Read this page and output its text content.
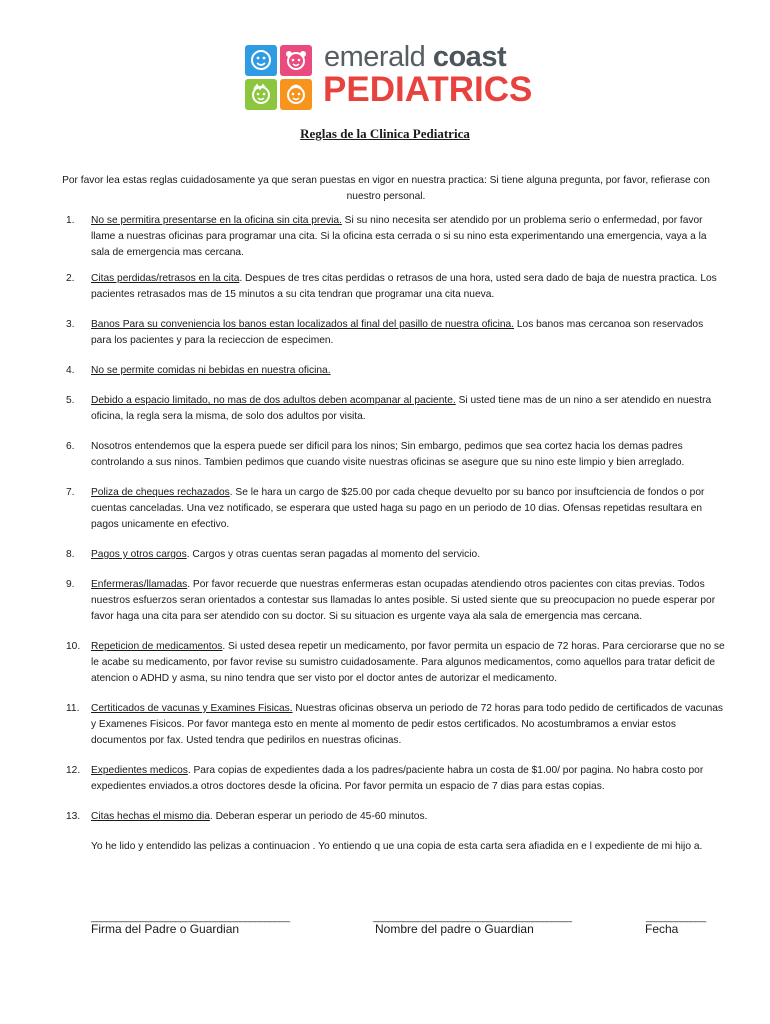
emerald coast
PEDIATRICS
Reglas de la Clinica Pediatrica
Por favor lea estas reglas cuidadosamente ya que seran puestas en vigor en nuestra practica: Si tiene alguna pregunta, por favor, refierase con nuestro personal.
1. No se permitira presentarse en la oficina sin cita previa. Si su nino necesita ser atendido por un problema serio o enfermedad, por favor llame a nuestras oficinas para programar una cita. Si la oficina esta cerrada o si su nino esta experimentando una emergencia, vaya a la sala de emergencia mas cercana.
2. Citas perdidas/retrasos en la cita. Despues de tres citas perdidas o retrasos de una hora, usted sera dado de baja de nuestra practica. Los pacientes retrasados mas de 15 minutos a su cita tendran que programar una cita nueva.
3. Banos Para su conveniencia los banos estan localizados al final del pasillo de nuestra oficina. Los banos mas cercanoa son reservados para los pacientes y para la recieccion de especimen.
4. No se permite comidas ni bebidas en nuestra oficina.
5. Debido a espacio limitado, no mas de dos adultos deben acompanar al paciente. Si usted tiene mas de un nino a ser atendido en nuestra oficina, la regla sera la misma, de solo dos adultos por visita.
6. Nosotros entendemos que la espera puede ser dificil para los ninos; Sin embargo, pedimos que sea cortez hacia los demas padres controlando a sus ninos. Tambien pedimos que cuando visite nuestras oficinas se asegure que su nino este limpio y bien arreglado.
7. Poliza de cheques rechazados. Se le hara un cargo de $25.00 por cada cheque devuelto por su banco por insuftciencia de fondos o por cuentas canceladas. Una vez notificado, se esperara que usted haga su pago en un periodo de 10 dias. Ofensas repetidas resultara en pagos unicamente en efectivo.
8. Pagos y otros cargos. Cargos y otras cuentas seran pagadas al momento del servicio.
9. Enfermeras/llamadas. Por favor recuerde que nuestras enfermeras estan ocupadas atendiendo otros pacientes con citas previas. Todos nuestros esfuerzos seran orientados a contestar sus llamadas lo antes posible. Si usted siente que su preocupacion no puede esperar por favor haga una cita para ser atendido con su doctor. Si su situacion es urgente vaya ala sala de emergencia mas cercana.
10. Repeticion de medicamentos. Si usted desea repetir un medicamento, por favor permita un espacio de 72 horas. Para cerciorarse que no se le acabe su medicamento, por favor revise su sumistro cuidadosamente. Para algunos medicamentos, como aquellos para tratar deficit de atencion o ADHD y asma, su nino tendra que ser visto por el doctor antes de autorizar el medicamento.
11. Certiticados de vacunas y Examines Fisicas. Nuestras oficinas observa un periodo de 72 horas para todo pedido de certificados de vacunas y Examenes Fisicos. Por favor mantega esto en mente al momento de pedir estos certificados. No acostumbramos a enviar estos documentos por fax. Usted tendra que pedirilos en nuestras oficinas.
12. Expedientes medicos. Para copias de expedientes dada a los padres/paciente habra un costa de $1.00/ por pagina. No habra costo por expedientes enviados.a otros doctores desde la oficina. Por favor permita un espacio de 7 dias para estas copias.
13. Citas hechas el mismo dia. Deberan esperar un periodo de 45-60 minutos.
Yo he lido y entendido las pelizas a continuacion . Yo entiendo q ue una copia de esta carta sera afiadida en e l expediente de mi hijo a.
________________________________________	________________________________________	____________
Firma del Padre o Guardian	Nombre del padre o Guardian	Fecha
